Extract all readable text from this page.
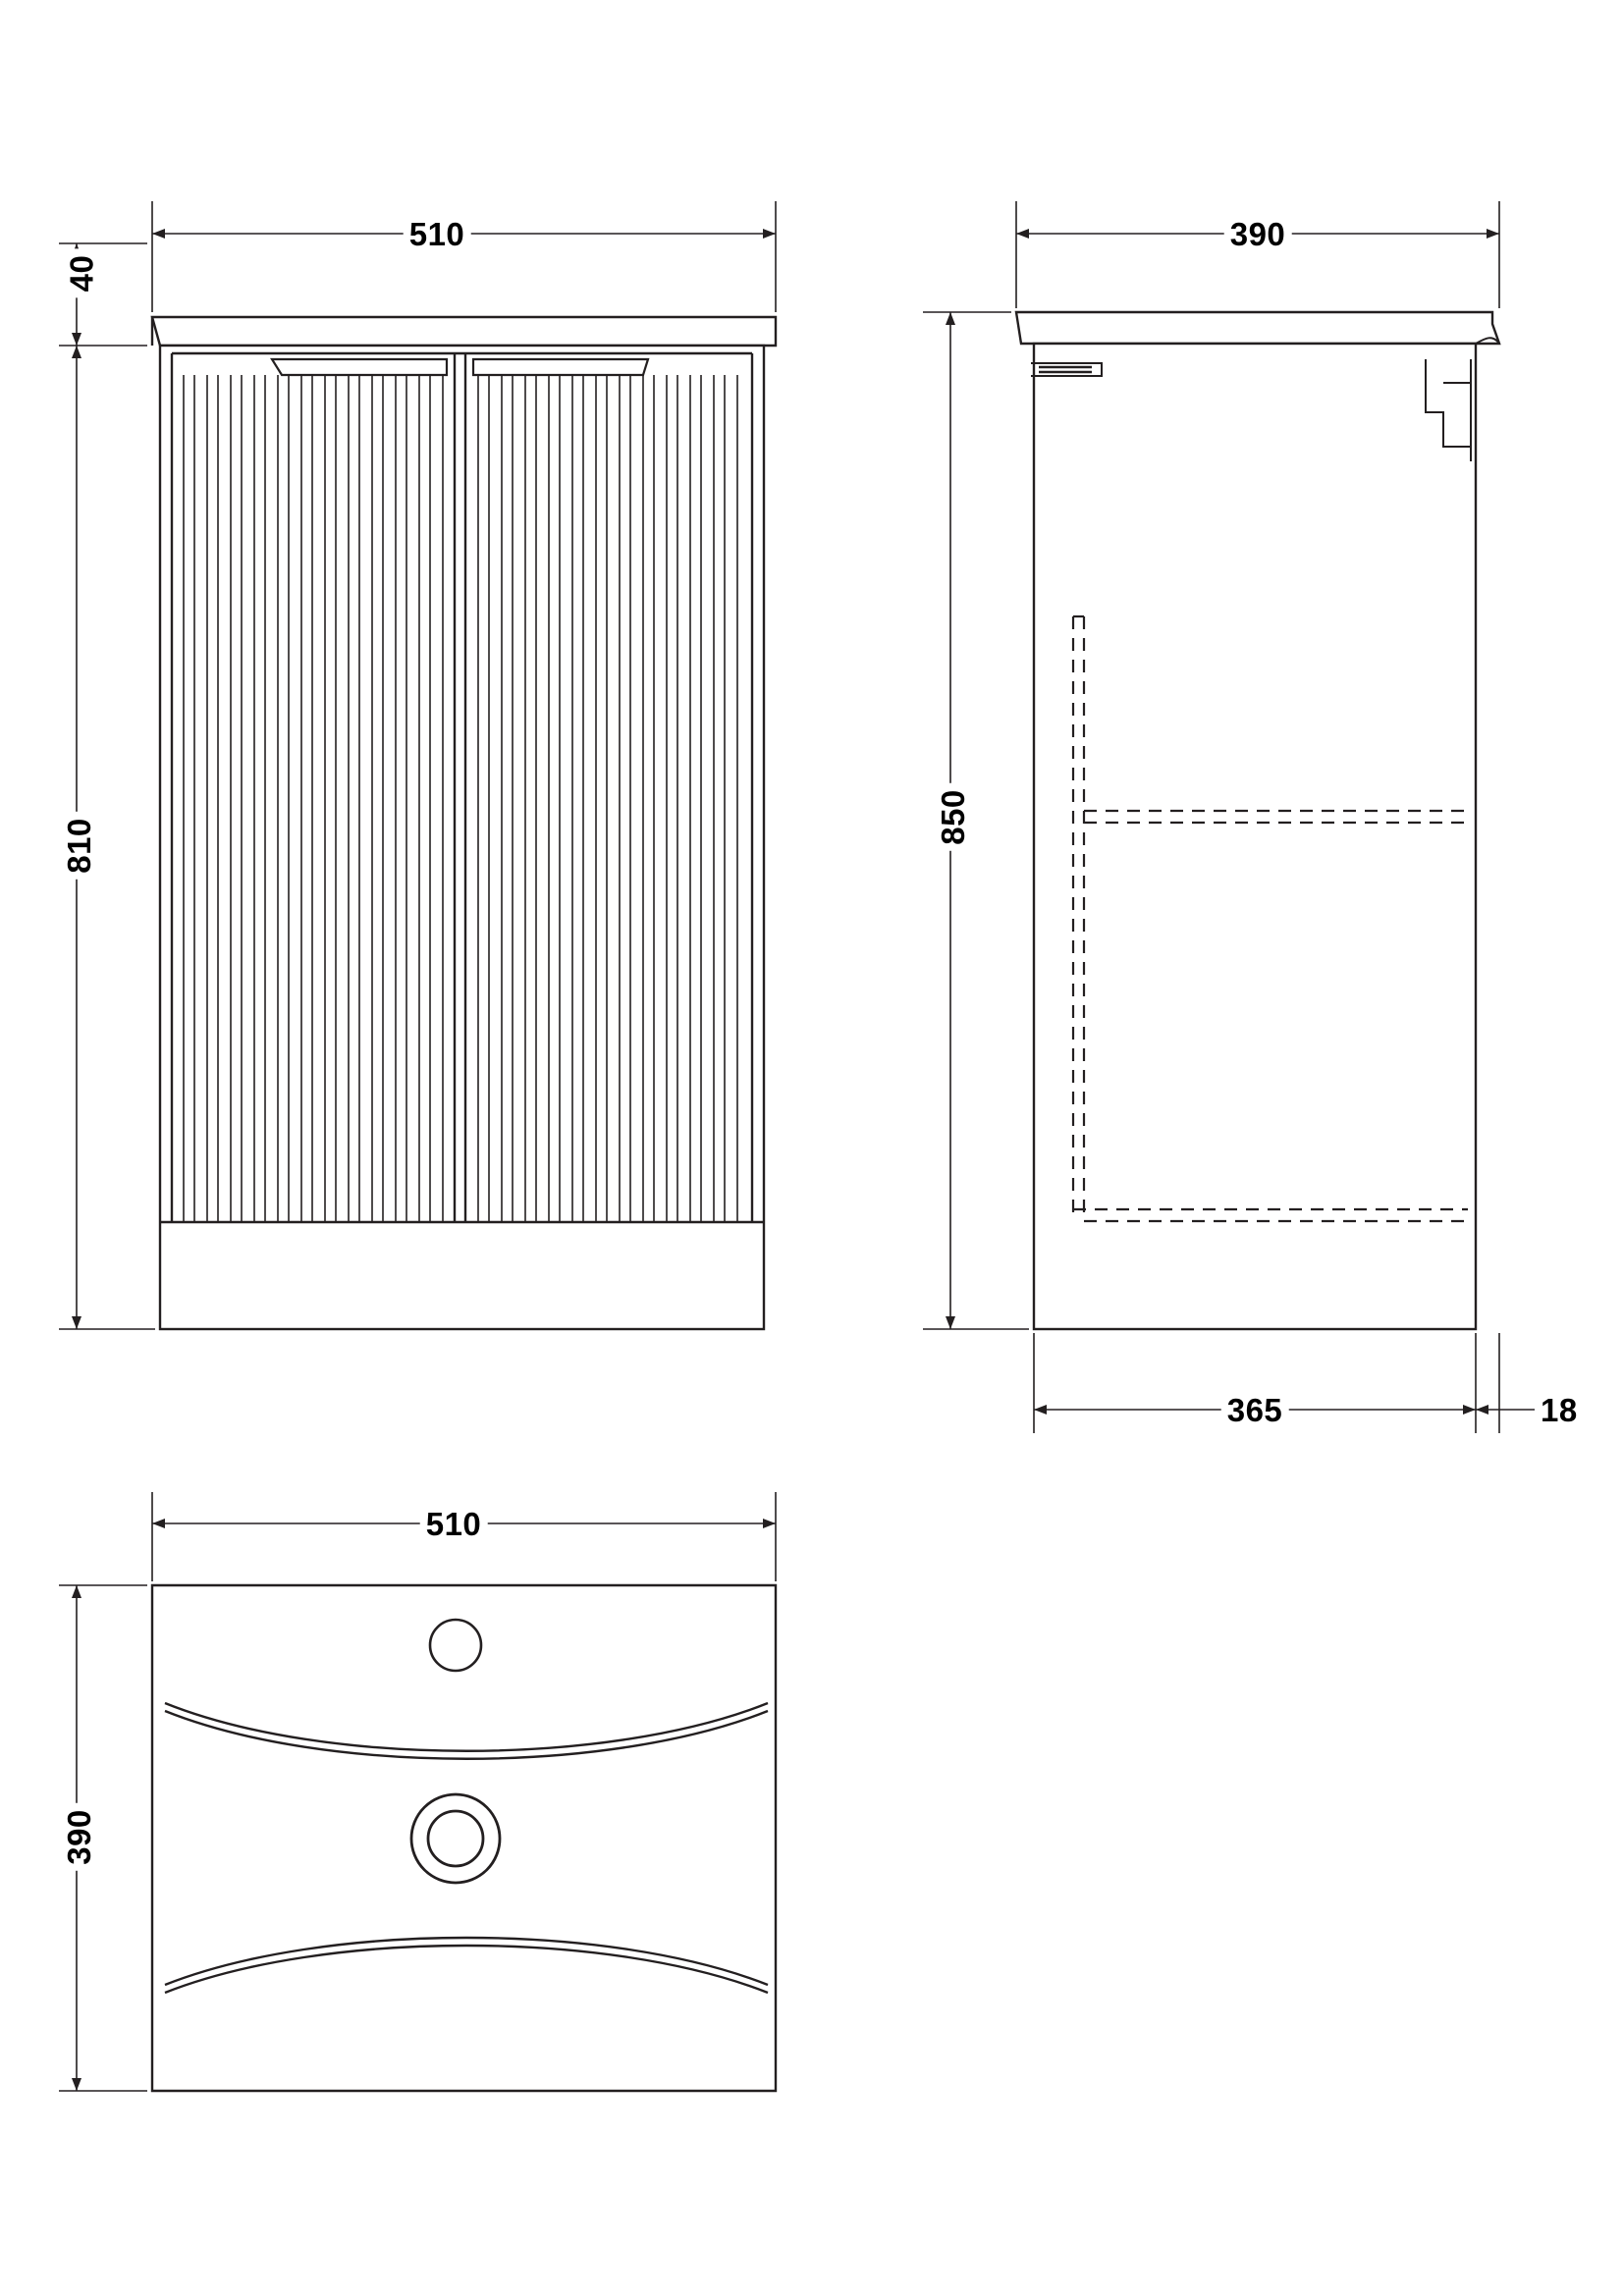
510
40
810
390
850
365	18
510
390
